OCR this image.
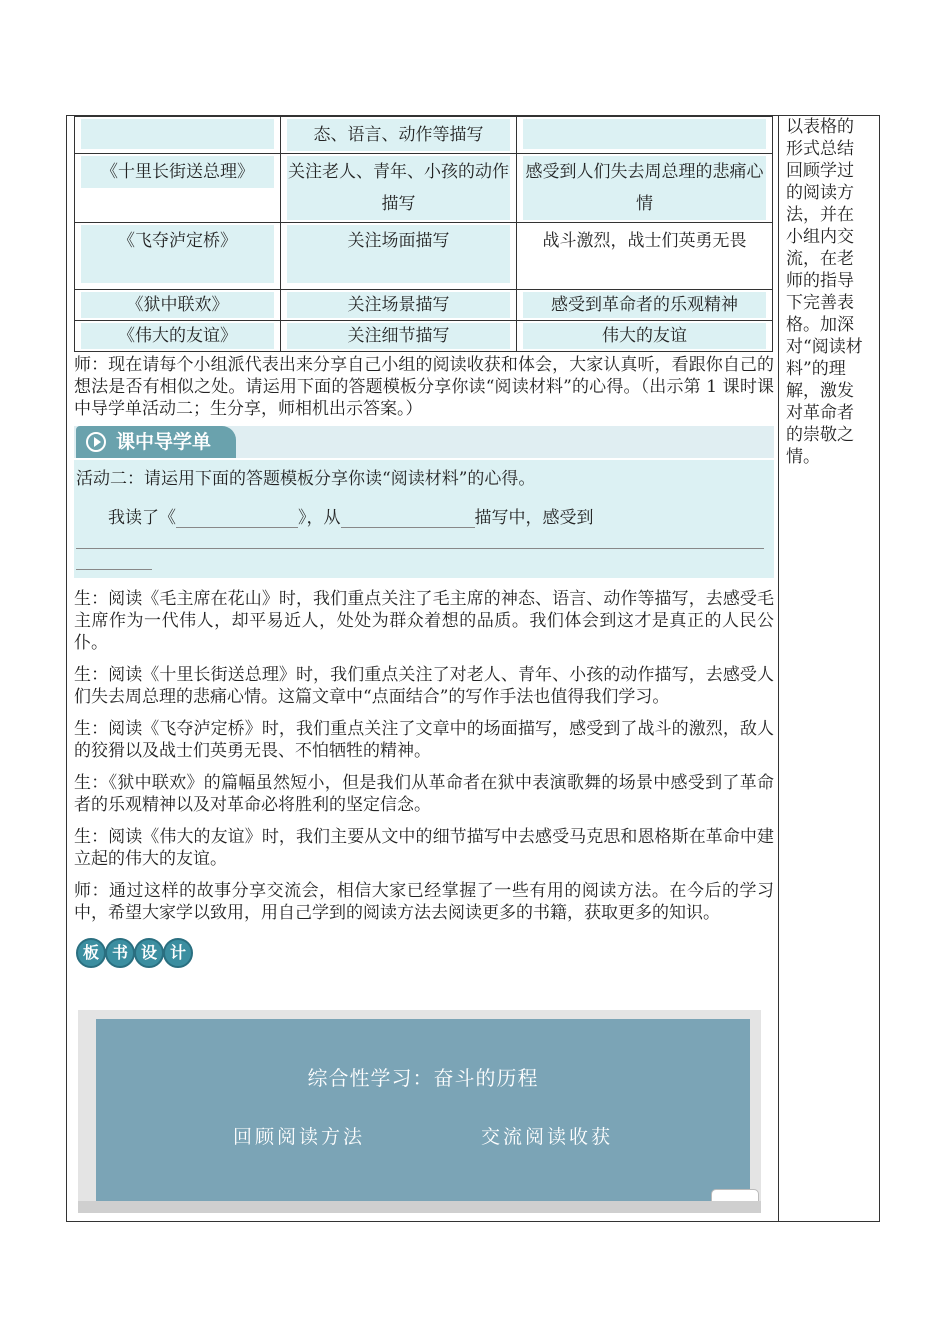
以表格的形式总结回顾学过的阅读方法，并在小组内交流，在老师的指导下完善表格。加深对“阅读材料”的理解，激发对革命者的崇敬之情。

	态、语言、动作等描写	

《十里长街送总理》	关注老人、青年、小孩的动作描写	感受到人们失去周总理的悲痛心情

《飞夺泸定桥》	关注场面描写	战斗激烈，战士们英勇无畏

《狱中联欢》	关注场景描写	感受到革命者的乐观精神

《伟大的友谊》	关注细节描写	伟大的友谊

师：现在请每个小组派代表出来分享自己小组的阅读收获和体会，大家认真听，看跟你自己的想法是否有相似之处。请运用下面的答题模板分享你读“阅读材料”的心得。（出示第 1 课时课中导学单活动二；生分享，师相机出示答案。）

课中导学单
活动二：请运用下面的答题模板分享你读“阅读材料”的心得。
我读了《	》，从	描写中，感受到

生：阅读《毛主席在花山》时，我们重点关注了毛主席的神态、语言、动作等描写，去感受毛主席作为一代伟人，却平易近人，处处为群众着想的品质。我们体会到这才是真正的人民公仆。

生：阅读《十里长街送总理》时，我们重点关注了对老人、青年、小孩的动作描写，去感受人们失去周总理的悲痛心情。这篇文章中“点面结合”的写作手法也值得我们学习。

生：阅读《飞夺泸定桥》时，我们重点关注了文章中的场面描写，感受到了战斗的激烈，敌人的狡猾以及战士们英勇无畏、不怕牺牲的精神。

生：《狱中联欢》的篇幅虽然短小，但是我们从革命者在狱中表演歌舞的场景中感受到了革命者的乐观精神以及对革命必将胜利的坚定信念。

生：阅读《伟大的友谊》时，我们主要从文中的细节描写中去感受马克思和恩格斯在革命中建立起的伟大的友谊。

师：通过这样的故事分享交流会，相信大家已经掌握了一些有用的阅读方法。在今后的学习中，希望大家学以致用，用自己学到的阅读方法去阅读更多的书籍，获取更多的知识。

板 书 设 计
综合性学习：奋斗的历程
回顾阅读方法	交流阅读收获
